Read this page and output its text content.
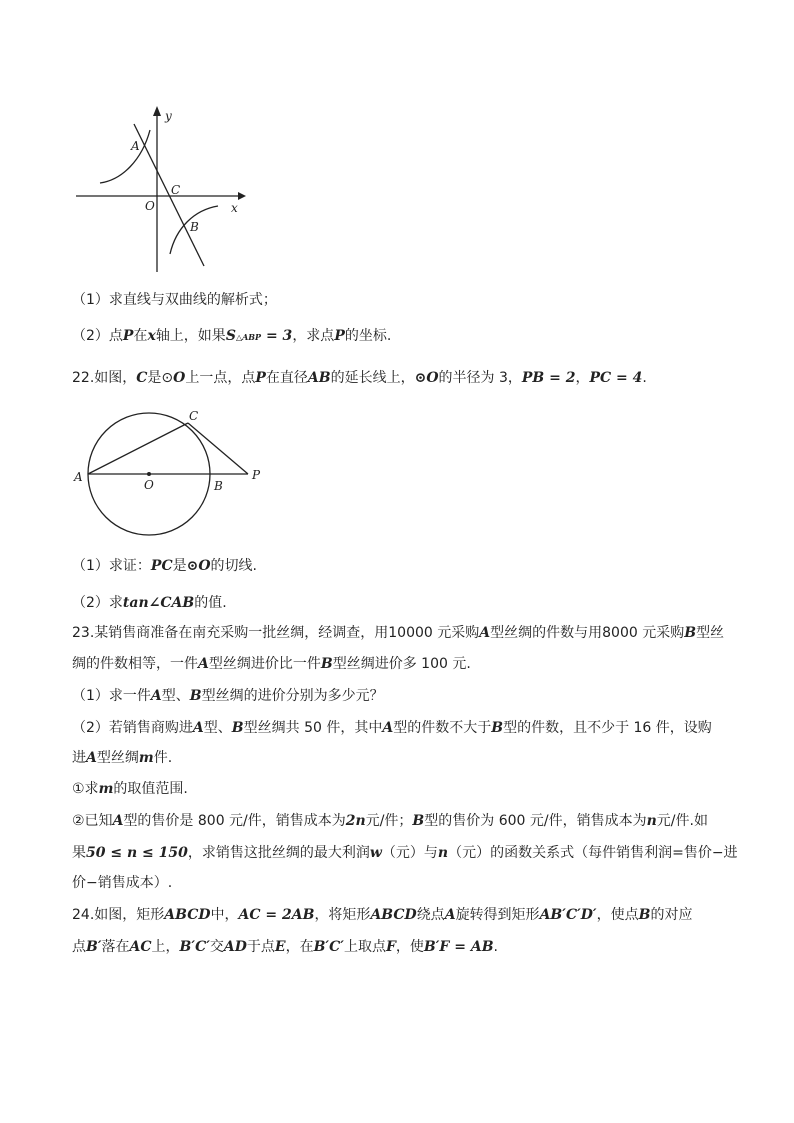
y
x
A
C
O
B
（1）求直线与双曲线的解析式；
（2）点P在x轴上，如果S△ABP = 3，求点P的坐标.
22.如图，C是⊙O上一点，点P在直径AB的延长线上，⊙O的半径为 3，PB = 2，PC = 4.
A
O	B
C
P
（1）求证：PC是⊙O的切线.
（2）求tan∠CAB的值.
23.某销售商准备在南充采购一批丝绸，经调查，用10000 元采购A型丝绸的件数与用8000 元采购B型丝
绸的件数相等，一件A型丝绸进价比一件B型丝绸进价多 100 元.
（1）求一件A型、B型丝绸的进价分别为多少元？
（2）若销售商购进A型、B型丝绸共 50 件，其中A型的件数不大于B型的件数，且不少于 16 件，设购
进A型丝绸m件.
①求m的取值范围.
②已知A型的售价是 800 元/件，销售成本为2n元/件；B型的售价为 600 元/件，销售成本为n元/件.如
果50 ≤ n ≤ 150，求销售这批丝绸的最大利润w（元）与n（元）的函数关系式（每件销售利润=售价−进
价−销售成本）.
24.如图，矩形ABCD中，AC = 2AB，将矩形ABCD绕点A旋转得到矩形AB′C′D′，使点B的对应
点B′落在AC上，B′C′交AD于点E，在B′C′上取点F，使B′F = AB.
